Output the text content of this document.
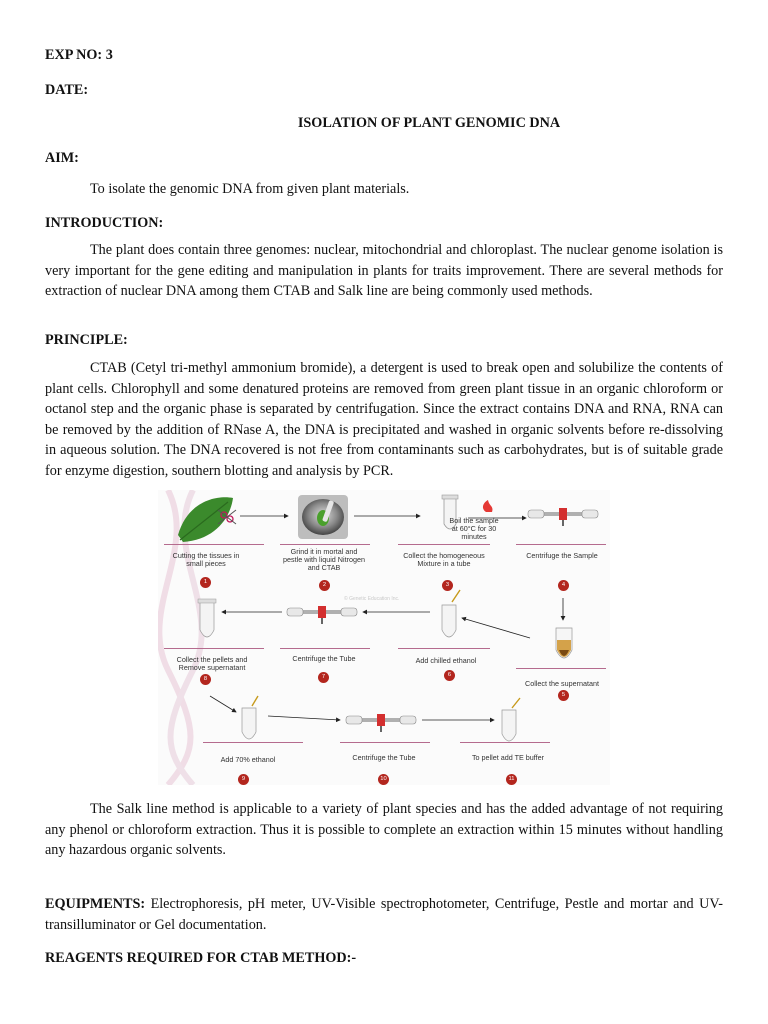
EXP NO: 3
DATE:
ISOLATION OF PLANT GENOMIC DNA
AIM:
To isolate the genomic DNA from given plant materials.
INTRODUCTION:

The plant does contain three genomes: nuclear, mitochondrial and chloroplast. The nuclear genome isolation is very important for the gene editing and manipulation in plants for traits improvement. There are several methods for extraction of nuclear DNA among them CTAB and Salk line are being commonly used methods.

PRINCIPLE:

CTAB (Cetyl tri-methyl ammonium bromide), a detergent is used to break open and solubilize the contents of plant cells. Chlorophyll and some denatured proteins are removed from green plant tissue in an organic chloroform or octanol step and the organic phase is separated by centrifugation. Since the extract contains DNA and RNA, RNA can be removed by the addition of RNase A, the DNA is precipitated and washed in organic solvents before re-dissolving in aqueous solution. The DNA recovered is not free from contaminants such as carbohydrates, but is of suitable grade for enzyme digestion, southern blotting and analysis by PCR.

© Genetic Education Inc.
Boil the sample at 60°C for 30 minutes
Cutting the tissues in small pieces
1
Grind it in mortal and pestle with liquid Nitrogen and CTAB
2
Collect the homogeneous Mixture in a tube
3
Centrifuge the Sample
4
Collect the supernatant
5
Add chilled ethanol
6
Centrifuge the Tube
7
Collect the pellets and Remove supernatant
8
Add 70% ethanol
9
Centrifuge the Tube
10
To pellet add TE buffer
11

The Salk line method is applicable to a variety of plant species and has the added advantage of not requiring any phenol or chloroform extraction. Thus it is possible to complete an extraction within 15 minutes without handling any hazardous organic solvents.

EQUIPMENTS: Electrophoresis, pH meter, UV-Visible spectrophotometer, Centrifuge, Pestle and mortar and UV-transilluminator or Gel documentation.

REAGENTS REQUIRED FOR CTAB METHOD:-
